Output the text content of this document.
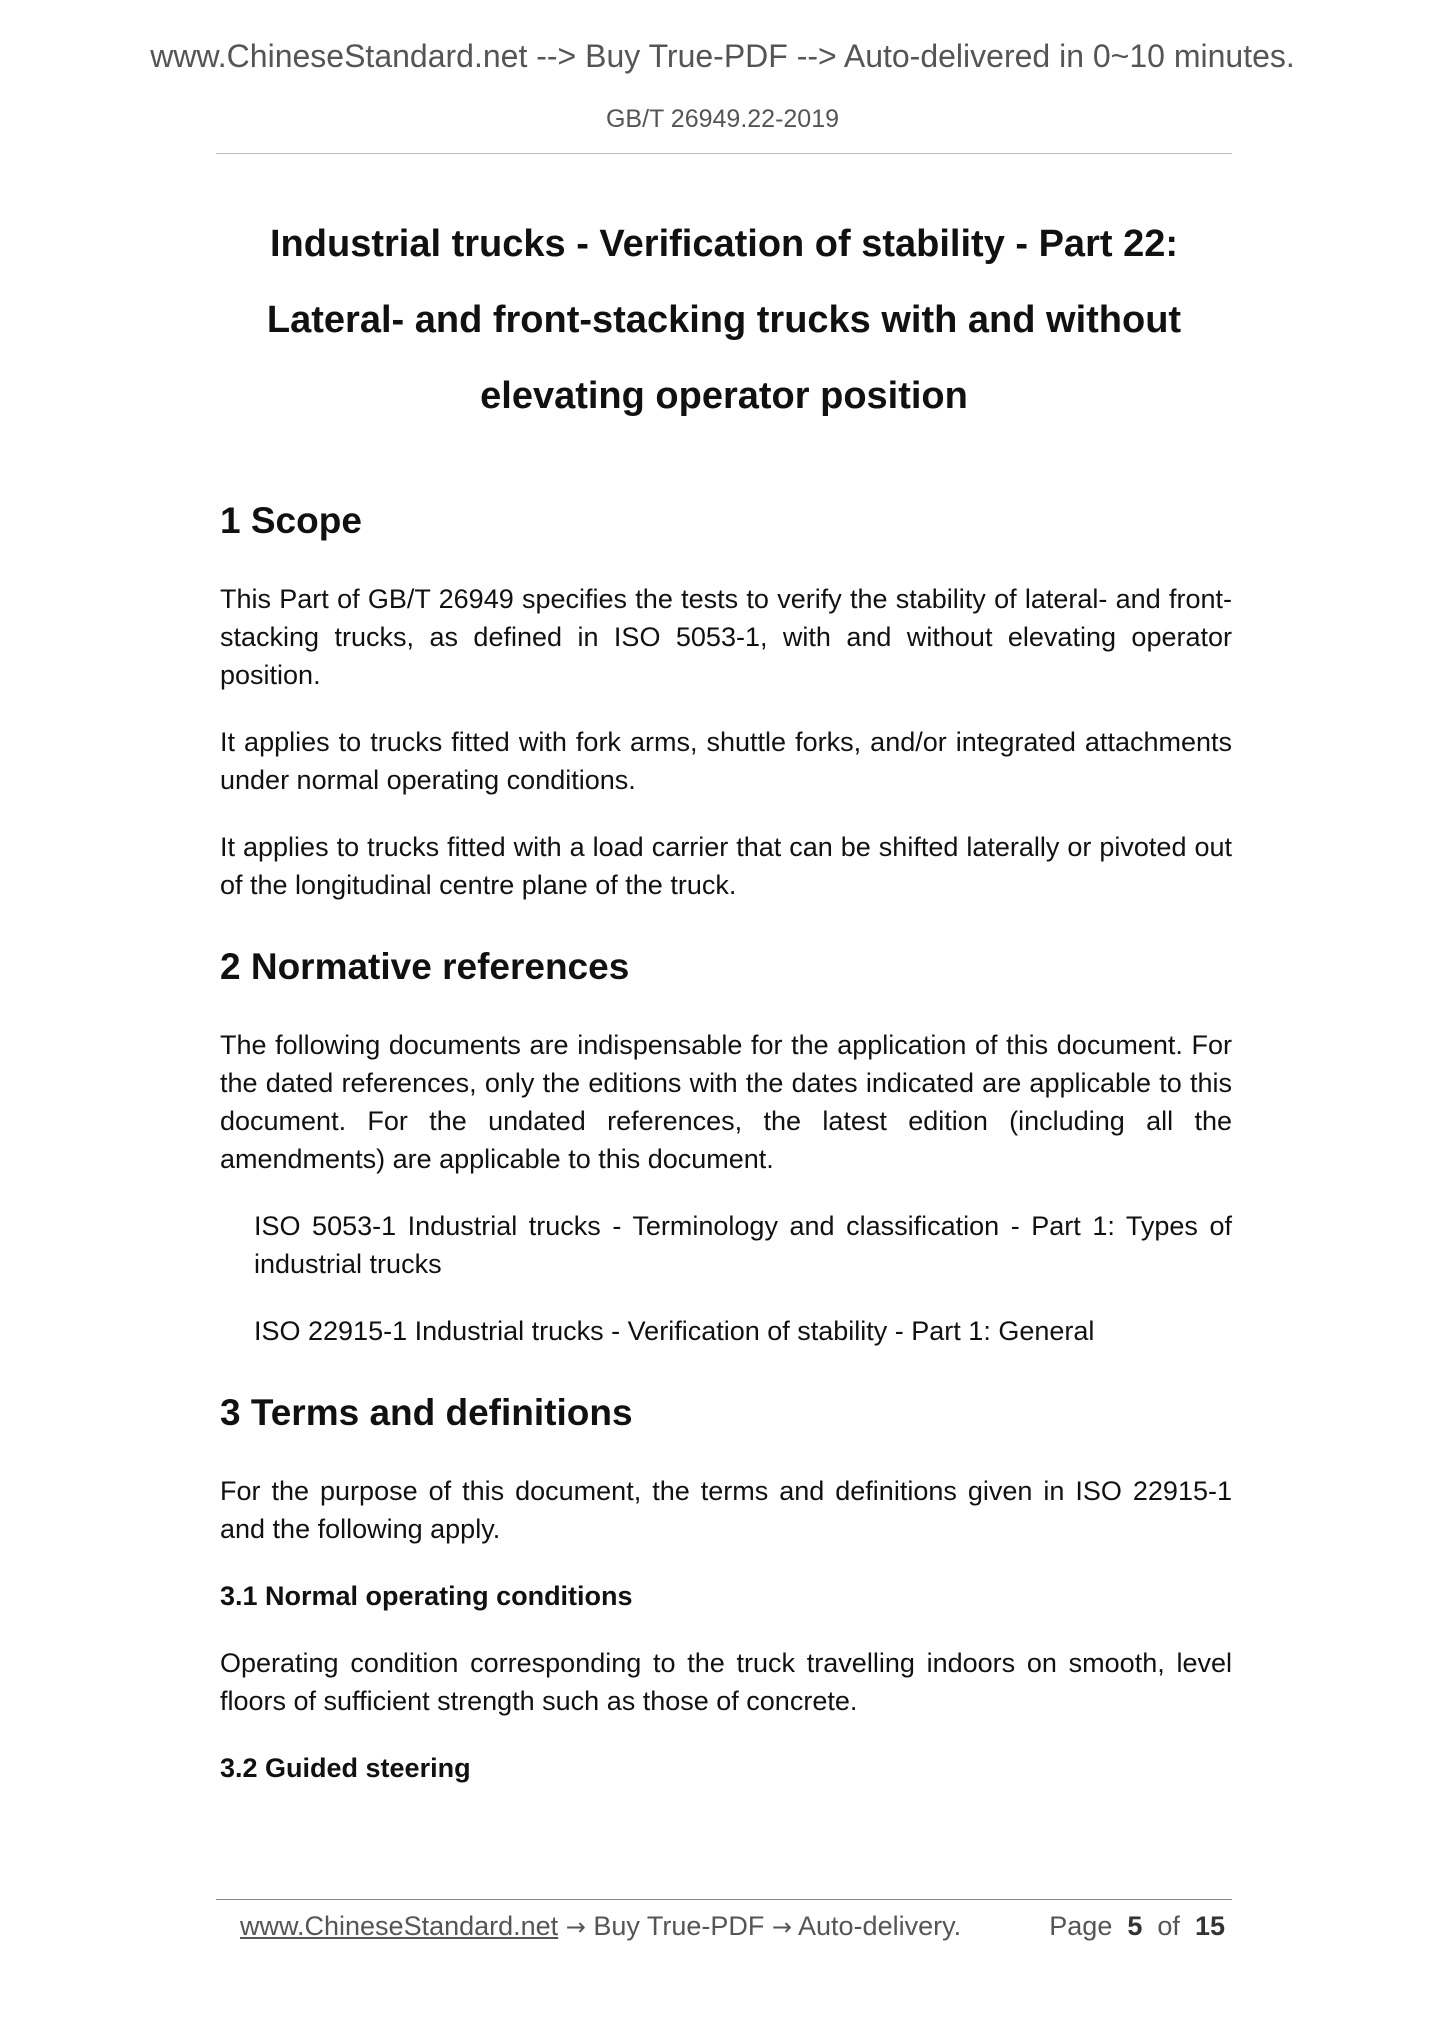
www.ChineseStandard.net --> Buy True-PDF --> Auto-delivered in 0~10 minutes.
GB/T 26949.22-2019
Industrial trucks - Verification of stability - Part 22:
Lateral- and front-stacking trucks with and without
elevating operator position
1 Scope

This Part of GB/T 26949 specifies the tests to verify the stability of lateral- and front-stacking trucks, as defined in ISO 5053-1, with and without elevating operator position.

It applies to trucks fitted with fork arms, shuttle forks, and/or integrated attachments under normal operating conditions.

It applies to trucks fitted with a load carrier that can be shifted laterally or pivoted out of the longitudinal centre plane of the truck.

2 Normative references

The following documents are indispensable for the application of this document. For the dated references, only the editions with the dates indicated are applicable to this document. For the undated references, the latest edition (including all the amendments) are applicable to this document.

ISO 5053-1 Industrial trucks - Terminology and classification - Part 1: Types of industrial trucks

ISO 22915-1 Industrial trucks - Verification of stability - Part 1: General

3 Terms and definitions

For the purpose of this document, the terms and definitions given in ISO 22915-1 and the following apply.

3.1 Normal operating conditions

Operating condition corresponding to the truck travelling indoors on smooth, level floors of sufficient strength such as those of concrete.

3.2 Guided steering
www.ChineseStandard.net → Buy True-PDF → Auto-delivery.	Page 5 of 15
